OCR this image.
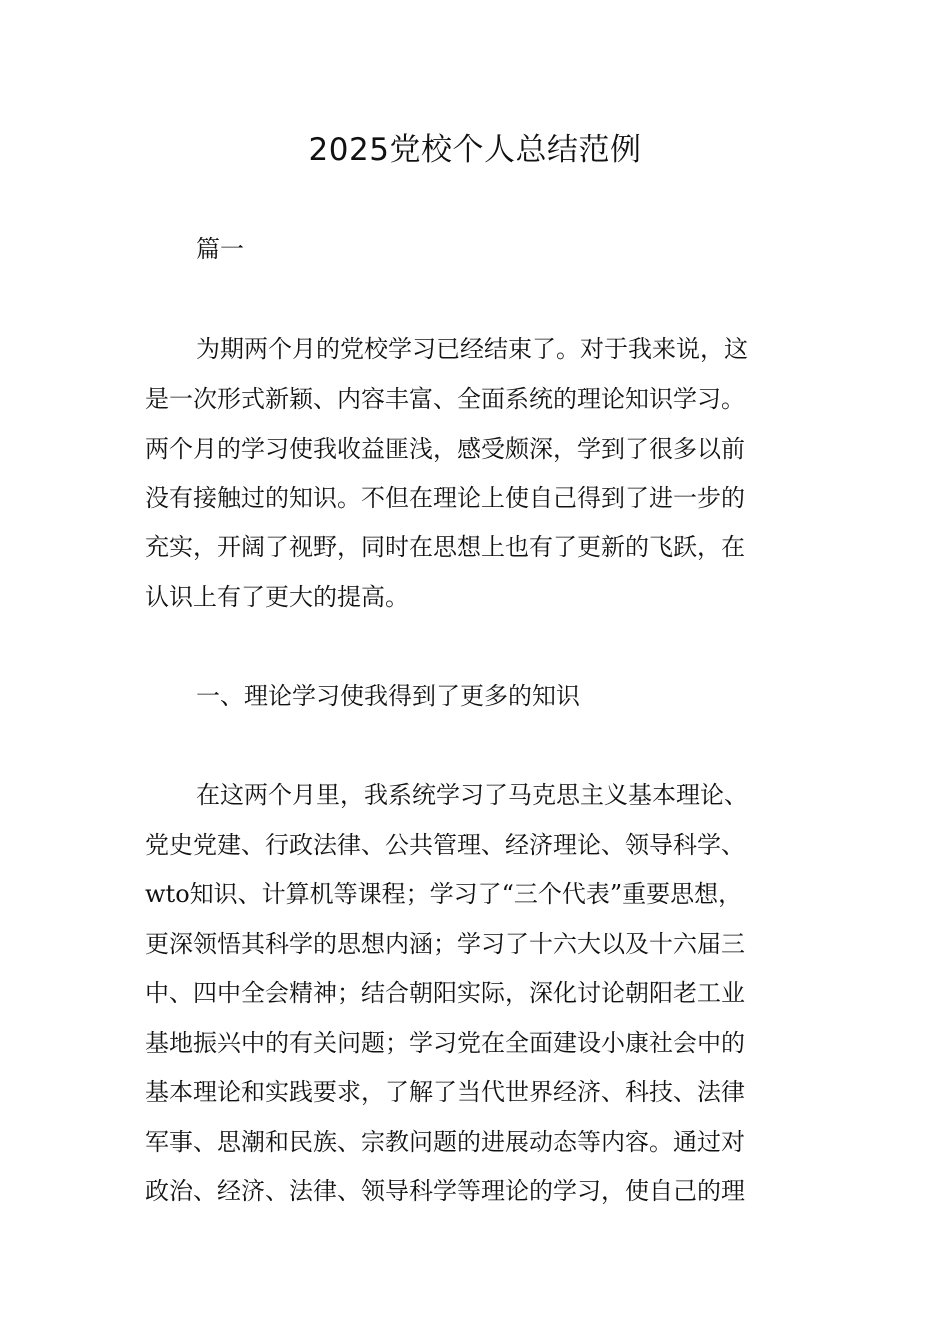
2025党校个人总结范例

篇一

为期两个月的党校学习已经结束了。对于我来说，这

是一次形式新颖、内容丰富、全面系统的理论知识学习。

两个月的学习使我收益匪浅，感受颇深，学到了很多以前

没有接触过的知识。不但在理论上使自己得到了进一步的

充实，开阔了视野，同时在思想上也有了更新的飞跃，在

认识上有了更大的提高。

一、理论学习使我得到了更多的知识

在这两个月里，我系统学习了马克思主义基本理论、

党史党建、行政法律、公共管理、经济理论、领导科学、

wto知识、计算机等课程；学习了“三个代表”重要思想，

更深领悟其科学的思想内涵；学习了十六大以及十六届三

中、四中全会精神；结合朝阳实际，深化讨论朝阳老工业

基地振兴中的有关问题；学习党在全面建设小康社会中的

基本理论和实践要求，了解了当代世界经济、科技、法律

军事、思潮和民族、宗教问题的进展动态等内容。通过对

政治、经济、法律、领导科学等理论的学习，使自己的理
